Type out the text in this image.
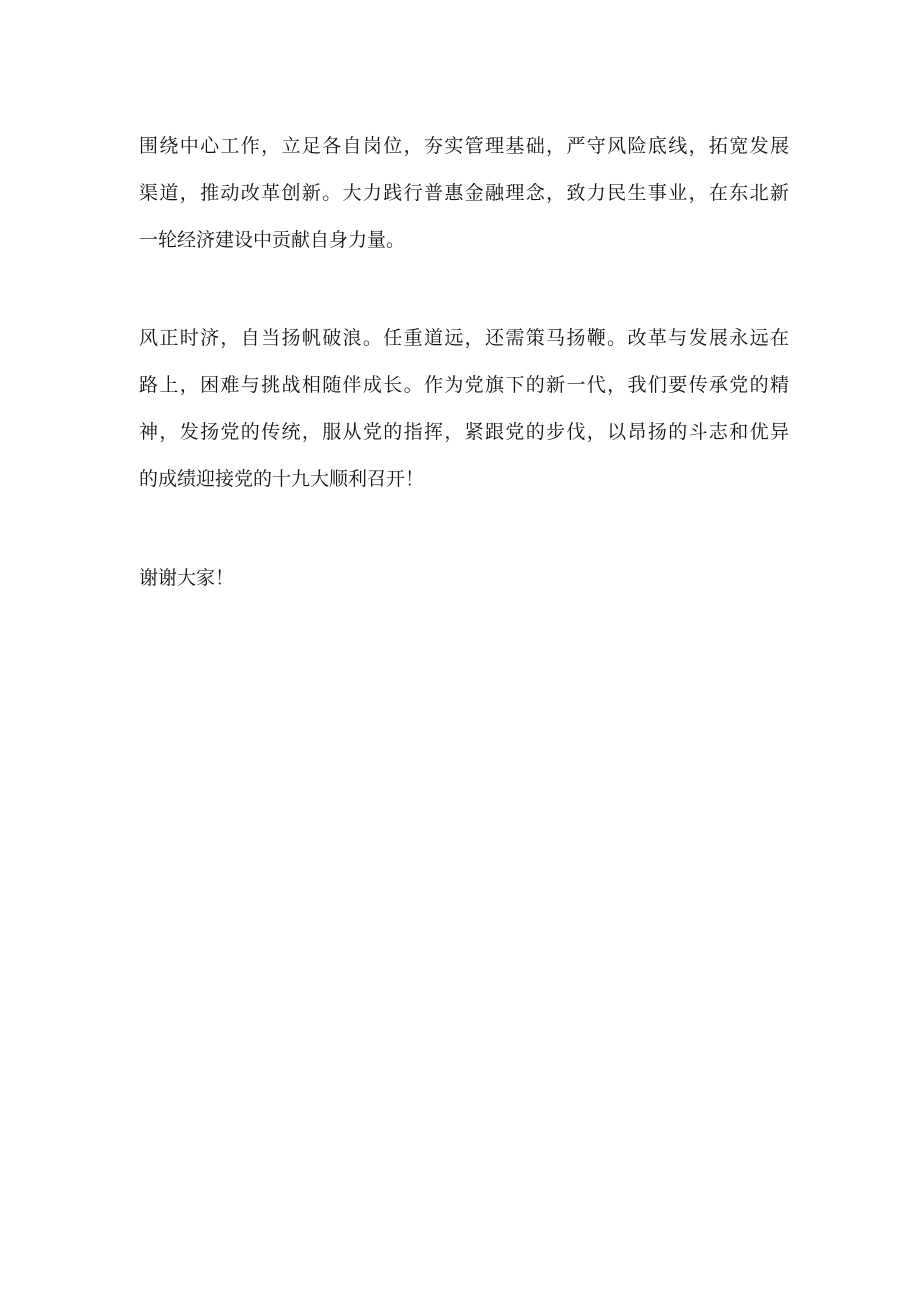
围绕中心工作，立足各自岗位，夯实管理基础，严守风险底线，拓宽发展
渠道，推动改革创新。大力践行普惠金融理念，致力民生事业，在东北新
一轮经济建设中贡献自身力量。

风正时济，自当扬帆破浪。任重道远，还需策马扬鞭。改革与发展永远在
路上，困难与挑战相随伴成长。作为党旗下的新一代，我们要传承党的精
神，发扬党的传统，服从党的指挥，紧跟党的步伐，以昂扬的斗志和优异
的成绩迎接党的十九大顺利召开！

谢谢大家！
